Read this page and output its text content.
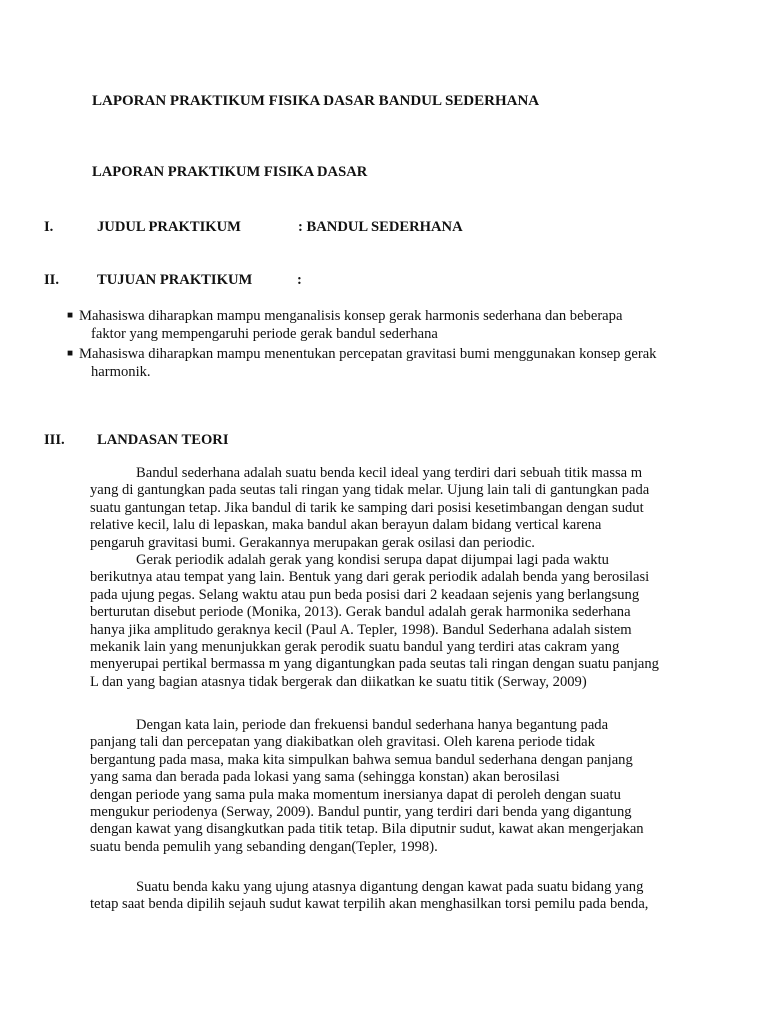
LAPORAN PRAKTIKUM FISIKA DASAR BANDUL SEDERHANA
LAPORAN PRAKTIKUM FISIKA DASAR
I.	JUDUL PRAKTIKUM	: BANDUL SEDERHANA
II.	TUJUAN PRAKTIKUM	:
■ Mahasiswa diharapkan mampu menganalisis konsep gerak harmonis sederhana dan beberapa
faktor yang mempengaruhi periode gerak bandul sederhana
■ Mahasiswa diharapkan mampu menentukan percepatan gravitasi bumi menggunakan konsep gerak
harmonik.
III. LANDASAN TEORI

Bandul sederhana adalah suatu benda kecil ideal yang terdiri dari sebuah titik massa m
yang di gantungkan pada seutas tali ringan yang tidak melar. Ujung lain tali di gantungkan pada
suatu gantungan tetap. Jika bandul di tarik ke samping dari posisi kesetimbangan dengan sudut
relative kecil, lalu di lepaskan, maka bandul akan berayun dalam bidang vertical karena
pengaruh gravitasi bumi. Gerakannya merupakan gerak osilasi dan periodic.
Gerak periodik adalah gerak yang kondisi serupa dapat dijumpai lagi pada waktu
berikutnya atau tempat yang lain. Bentuk yang dari gerak periodik adalah benda yang berosilasi
pada ujung pegas. Selang waktu atau pun beda posisi dari 2 keadaan sejenis yang berlangsung
berturutan disebut periode (Monika, 2013). Gerak bandul adalah gerak harmonika sederhana
hanya jika amplitudo geraknya kecil (Paul A. Tepler, 1998). Bandul Sederhana adalah sistem
mekanik lain yang menunjukkan gerak perodik suatu bandul yang terdiri atas cakram yang
menyerupai pertikal bermassa m yang digantungkan pada seutas tali ringan dengan suatu panjang
L dan yang bagian atasnya tidak bergerak dan diikatkan ke suatu titik (Serway, 2009)

Dengan kata lain, periode dan frekuensi bandul sederhana hanya begantung pada
panjang tali dan percepatan yang diakibatkan oleh gravitasi. Oleh karena periode tidak
bergantung pada masa, maka kita simpulkan bahwa semua bandul sederhana dengan panjang
yang sama dan berada pada lokasi yang sama (sehingga konstan) akan berosilasi
dengan periode yang sama pula maka momentum inersianya dapat di peroleh dengan suatu
mengukur periodenya (Serway, 2009). Bandul puntir, yang terdiri dari benda yang digantung
dengan kawat yang disangkutkan pada titik tetap. Bila diputnir sudut, kawat akan mengerjakan
suatu benda pemulih yang sebanding dengan(Tepler, 1998).

Suatu benda kaku yang ujung atasnya digantung dengan kawat pada suatu bidang yang
tetap saat benda dipilih sejauh sudut kawat terpilih akan menghasilkan torsi pemilu pada benda,
